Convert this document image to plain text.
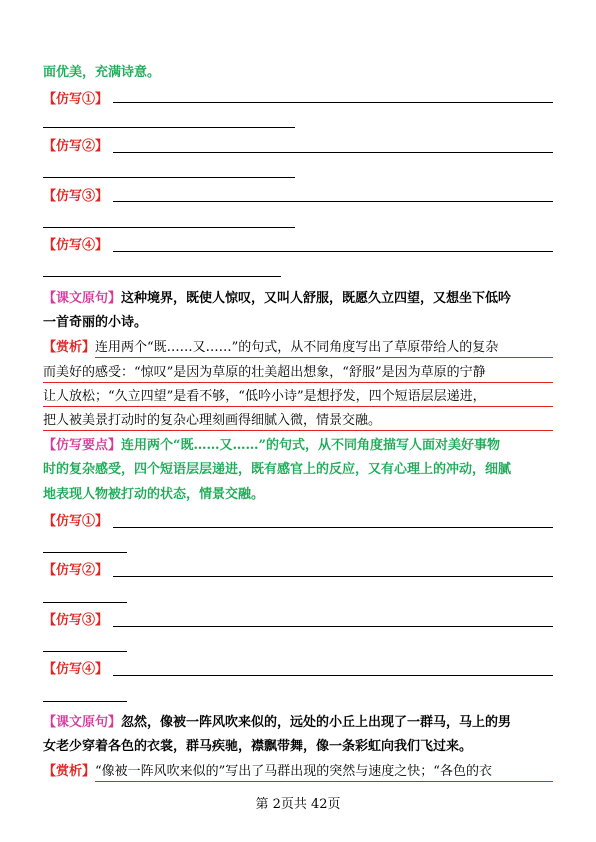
面优美，充满诗意。
【仿写①】
【仿写②】
【仿写③】
【仿写④】
【课文原句】这种境界，既使人惊叹，又叫人舒服，既愿久立四望，又想坐下低吟
一首奇丽的小诗。
【赏析】连用两个“既……又……”的句式，从不同角度写出了草原带给人的复杂
而美好的感受：“惊叹”是因为草原的壮美超出想象，“舒服”是因为草原的宁静
让人放松；“久立四望”是看不够，“低吟小诗”是想抒发，四个短语层层递进，
把人被美景打动时的复杂心理刻画得细腻入微，情景交融。
【仿写要点】连用两个“既……又……”的句式，从不同角度描写人面对美好事物
时的复杂感受，四个短语层层递进，既有感官上的反应，又有心理上的冲动，细腻
地表现人物被打动的状态，情景交融。
【仿写①】
【仿写②】
【仿写③】
【仿写④】
【课文原句】忽然，像被一阵风吹来似的，远处的小丘上出现了一群马，马上的男
女老少穿着各色的衣裳，群马疾驰，襟飘带舞，像一条彩虹向我们飞过来。
【赏析】“像被一阵风吹来似的”写出了马群出现的突然与速度之快；“各色的衣
第 2页共 42页
